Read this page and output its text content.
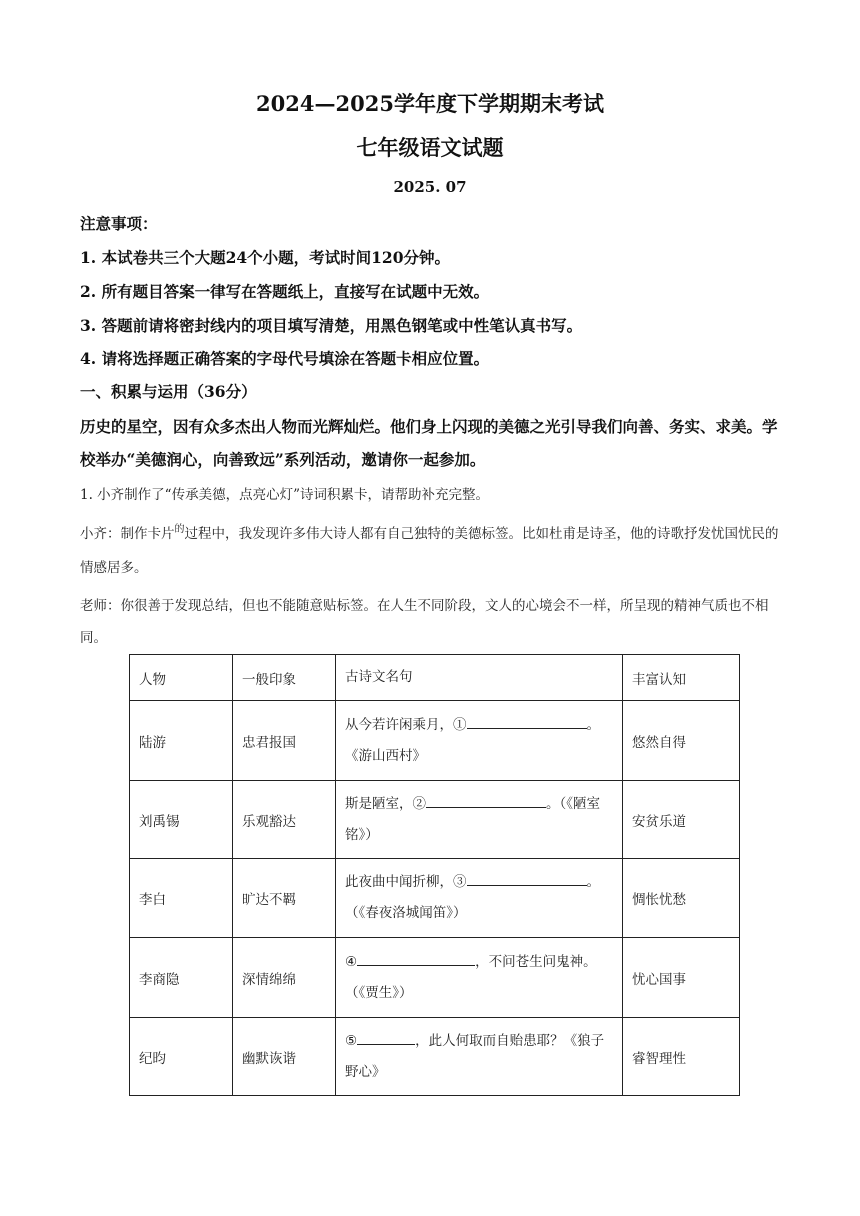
2024—2025学年度下学期期末考试
七年级语文试题
2025. 07
注意事项：
1. 本试卷共三个大题24个小题，考试时间120分钟。
2. 所有题目答案一律写在答题纸上，直接写在试题中无效。
3. 答题前请将密封线内的项目填写清楚，用黑色钢笔或中性笔认真书写。
4. 请将选择题正确答案的字母代号填涂在答题卡相应位置。
一、积累与运用（36分）
历史的星空，因有众多杰出人物而光辉灿烂。他们身上闪现的美德之光引导我们向善、务实、求美。学校举办“美德润心，向善致远”系列活动，邀请你一起参加。
1. 小齐制作了“传承美德，点亮心灯”诗词积累卡，请帮助补充完整。
小齐：制作卡片$^的$过程中，我发现许多伟大诗人都有自己独特的美德标签。比如杜甫是诗圣，他的诗歌抒发忧国忧民的情感居多。
老师：你很善于发现总结，但也不能随意贴标签。在人生不同阶段，文人的心境会不一样，所呈现的精神气质也不相同。
人物	一般印象	古诗文名句	丰富认知
陆游	忠君报国	从今若许闲乘月，① 。《游山西村》	悠然自得
刘禹锡	乐观豁达	斯是陋室，② 。（《陋室铭》）	安贫乐道
李白	旷达不羁	此夜曲中闻折柳，③ 。（《春夜洛城闻笛》）	惆怅忧愁
李商隐	深情绵绵	④ ，不问苍生问鬼神。（《贾生》）	忧心国事
纪昀	幽默诙谐	⑤ ，此人何取而自贻患耶？《狼子野心》	睿智理性
